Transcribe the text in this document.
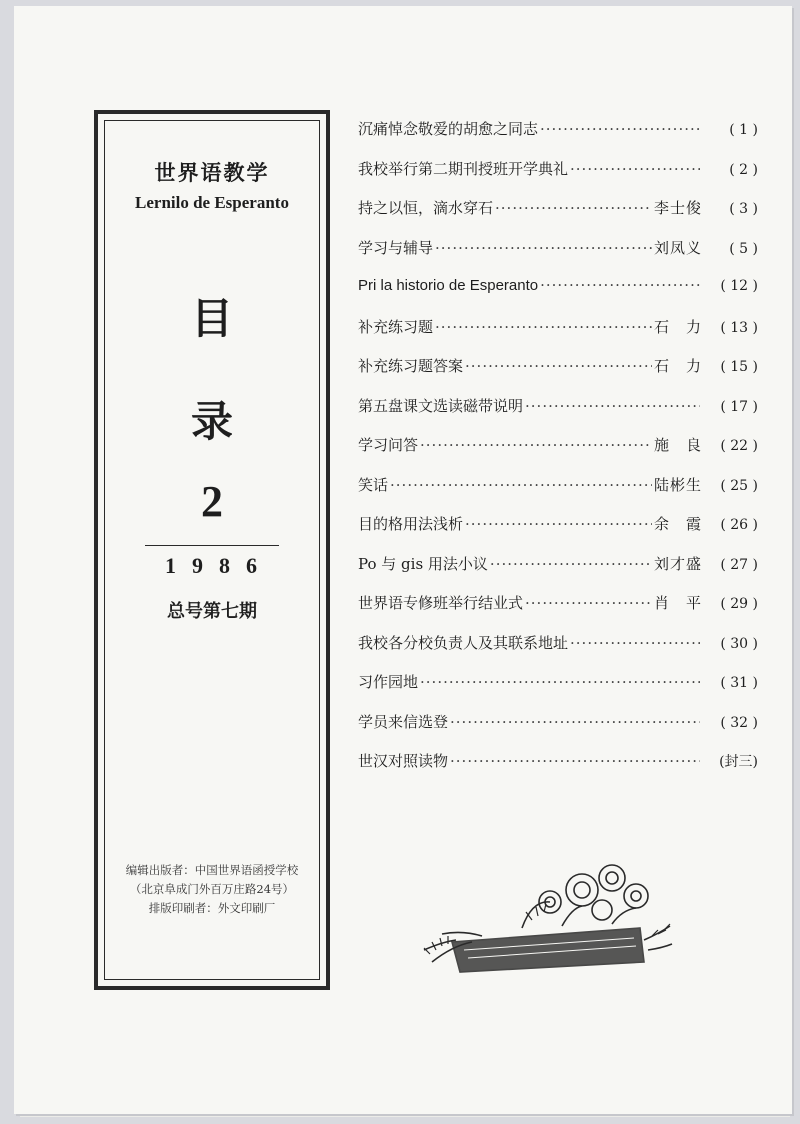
世界语教学
Lernilo de Esperanto
目
录
2
1986
总号第七期
编辑出版者：中国世界语函授学校
（北京阜成门外百万庄路24号）
排版印刷者：外文印刷厂
沉痛悼念敬爱的胡愈之同志 ·····	( 1 )
我校举行第二期刊授班开学典礼 ·····	( 2 )
持之以恒，滴水穿石 ·····	李士俊	( 3 )
学习与辅导 ·····	刘凤义	( 5 )
Pri la historio de Esperanto ·····	( 12 )
补充练习题 ·····	石　力	( 13 )
补充练习题答案 ·····	石　力	( 15 )
第五盘课文选读磁带说明 ·····	( 17 )
学习问答 ·····	施　良	( 22 )
笑话 ·····	陆彬生	( 25 )
目的格用法浅析 ·····	余　霞	( 26 )
Po 与 gis 用法小议 ·····	刘才盛	( 27 )
世界语专修班举行结业式 ·····	肖　平	( 29 )
我校各分校负责人及其联系地址 ·····	( 30 )
习作园地 ·····	( 31 )
学员来信选登 ·····	( 32 )
世汉对照读物 ·····	(封三)
